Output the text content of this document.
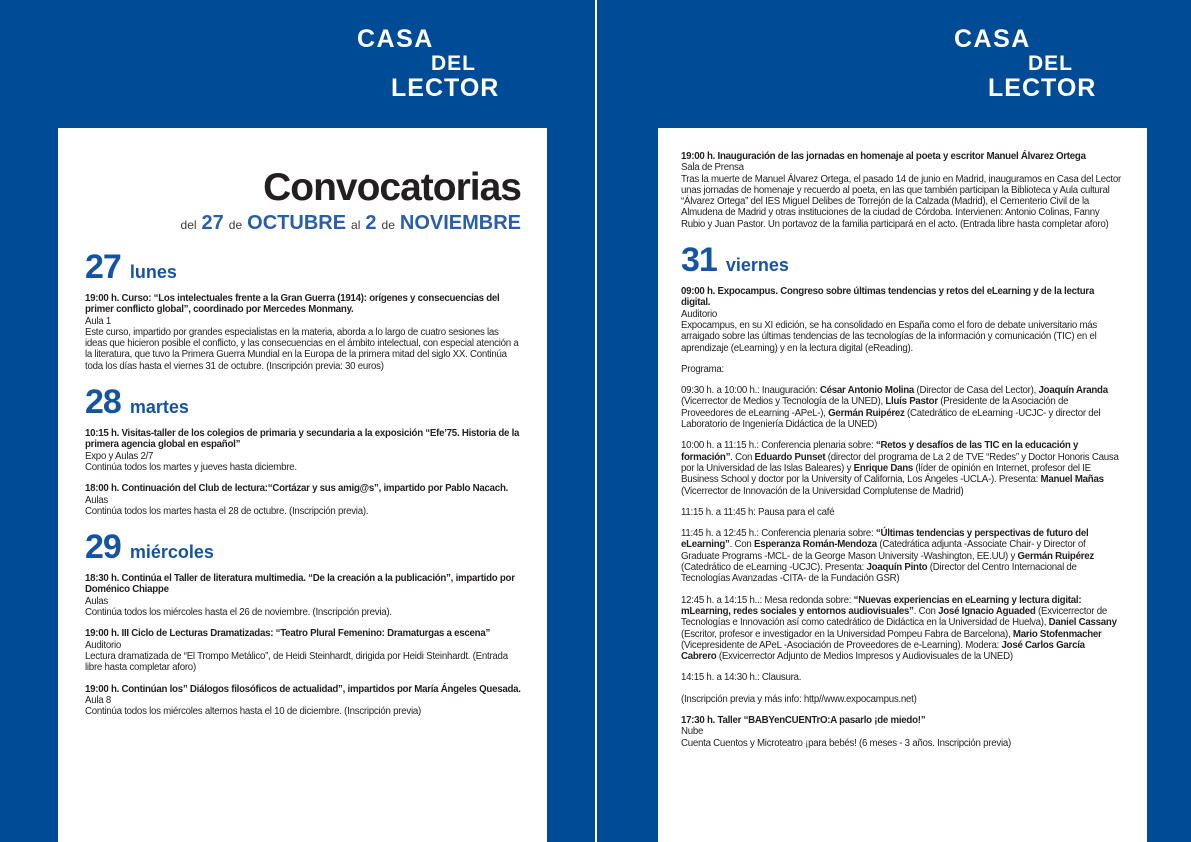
CASA
DEL
LECTOR
Convocatorias
del 27 de OCTUBRE al 2 de NOVIEMBRE
27 lunes

19:00 h. Curso: “Los intelectuales frente a la Gran Guerra (1914): orígenes y consecuencias del primer conflicto global”, coordinado por Mercedes Monmany.

Aula 1

Este curso, impartido por grandes especialistas en la materia, aborda a lo largo de cuatro sesiones las ideas que hicieron posible el conflicto, y las consecuencias en el ámbito intelectual, con especial atención a la literatura, que tuvo la Primera Guerra Mundial en la Europa de la primera mitad del siglo XX. Continúa toda los días hasta el viernes 31 de octubre. (Inscripción previa: 30 euros)

28 martes

10:15 h. Visitas-taller de los colegios de primaria y secundaria a la exposición “Efe’75. Historia de la primera agencia global en español”

Expo y Aulas 2/7

Continúa todos los martes y jueves hasta diciembre.

18:00 h. Continuación del Club de lectura:“Cortázar y sus amig@s”, impartido por Pablo Nacach.

Aulas

Continúa todos los martes hasta el 28 de octubre. (Inscripción previa).

29 miércoles

18:30 h. Continúa el Taller de literatura multimedia. “De la creación a la publicación”, impartido por Doménico Chiappe

Aulas

Continúa todos los miércoles hasta el 26 de noviembre. (Inscripción previa).

19:00 h. III Ciclo de Lecturas Dramatizadas: “Teatro Plural Femenino: Dramaturgas a escena”

Auditorio

Lectura dramatizada de “El Trompo Metálico”, de Heidi Steinhardt, dirigida por Heidi Steinhardt. (Entrada libre hasta completar aforo)

19:00 h. Continúan los” Diálogos filosóficos de actualidad”, impartidos por María Ángeles Quesada.

Aula 8

Continúa todos los miércoles alternos hasta el 10 de diciembre. (Inscripción previa)

CASA
DEL
LECTOR

19:00 h. Inauguración de las jornadas en homenaje al poeta y escritor Manuel Álvarez Ortega

Sala de Prensa

Tras la muerte de Manuel Álvarez Ortega, el pasado 14 de junio en Madrid, inauguramos en Casa del Lector unas jornadas de homenaje y recuerdo al poeta, en las que también participan la Biblioteca y Aula cultural “Álvarez Ortega” del IES Miguel Delibes de Torrejón de la Calzada (Madrid), el Cementerio Civil de la Almudena de Madrid y otras instituciones de la ciudad de Córdoba. Intervienen: Antonio Colinas, Fanny Rubio y Juan Pastor. Un portavoz de la familia participará en el acto. (Entrada libre hasta completar aforo)

31 viernes

09:00 h. Expocampus. Congreso sobre últimas tendencias y retos del eLearning y de la lectura digital.

Auditorio

Expocampus, en su XI edición, se ha consolidado en España como el foro de debate universitario más arraigado sobre las últimas tendencias de las tecnologías de la información y comunicación (TIC) en el aprendizaje (eLearning) y en la lectura digital (eReading).

Programa:

09:30 h. a 10:00 h.: Inauguración: César Antonio Molina (Director de Casa del Lector), Joaquín Aranda (Vicerrector de Medios y Tecnología de la UNED), Lluís Pastor (Presidente de la Asociación de Proveedores de eLearning -APeL-), Germán Ruipérez (Catedrático de eLearning -UCJC- y director del Laboratorio de Ingeniería Didáctica de la UNED)

10:00 h. a 11:15 h.: Conferencia plenaria sobre: “Retos y desafíos de las TIC en la educación y formación”. Con Eduardo Punset (director del programa de La 2 de TVE “Redes” y Doctor Honoris Causa por la Universidad de las Islas Baleares) y Enrique Dans (líder de opinión en Internet, profesor del IE Business School y doctor por la University of California, Los Ángeles -UCLA-). Presenta: Manuel Mañas (Vicerrector de Innovación de la Universidad Complutense de Madrid)

11:15 h. a 11:45 h: Pausa para el café

11:45 h. a 12:45 h.: Conferencia plenaria sobre: “Últimas tendencias y perspectivas de futuro del eLearning”. Con Esperanza Román-Mendoza (Catedrática adjunta -Associate Chair- y Director of Graduate Programs -MCL- de la George Mason University -Washington, EE.UU) y Germán Ruipérez (Catedrático de eLearning -UCJC). Presenta: Joaquín Pinto (Director del Centro Internacional de Tecnologías Avanzadas -CITA- de la Fundación GSR)

12:45 h. a 14:15 h..: Mesa redonda sobre: “Nuevas experiencias en eLearning y lectura digital: mLearning, redes sociales y entornos audiovisuales”. Con José Ignacio Aguaded (Exvicerrector de Tecnologías e Innovación así como catedrático de Didáctica en la Universidad de Huelva), Daniel Cassany (Escritor, profesor e investigador en la Universidad Pompeu Fabra de Barcelona), Mario Stofenmacher (Vicepresidente de APeL -Asociación de Proveedores de e-Learning). Modera: José Carlos García Cabrero (Exvicerrector Adjunto de Medios Impresos y Audiovisuales de la UNED)

14:15 h. a 14:30 h.: Clausura.

(Inscripción previa y más info: http//www.expocampus.net)

17:30 h. Taller “BABYenCUENTrO:A pasarlo ¡de miedo!”

Nube

Cuenta Cuentos y Microteatro ¡para bebés! (6 meses - 3 años. Inscripción previa)
